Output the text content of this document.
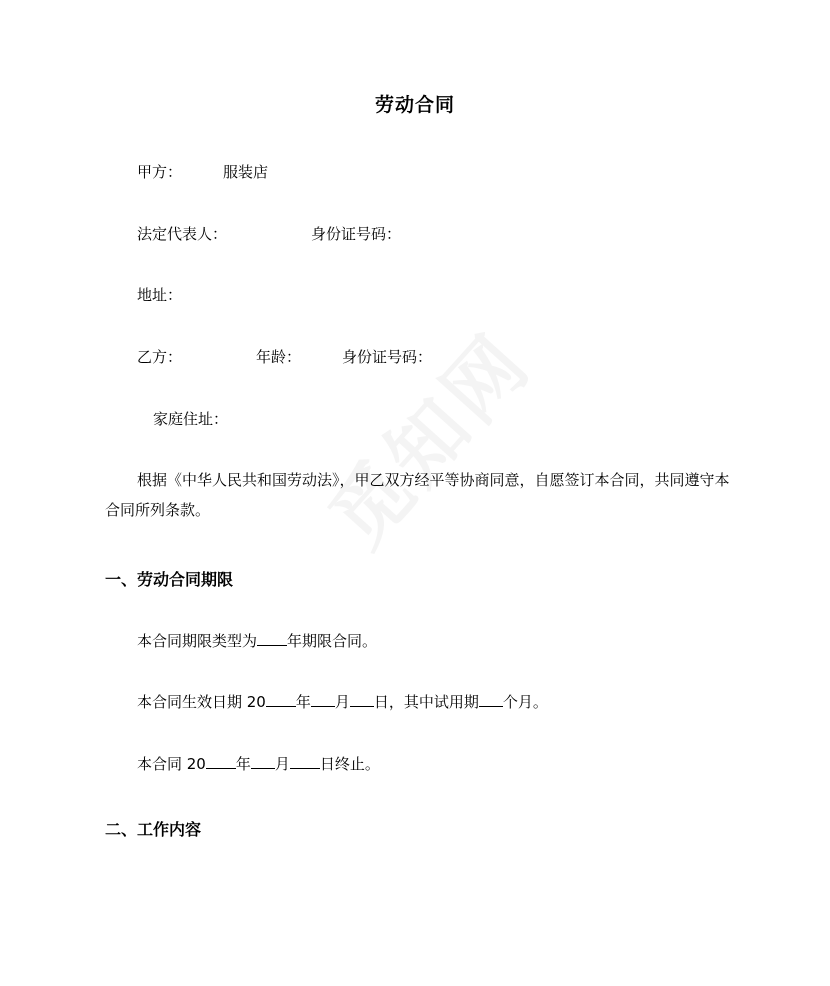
劳动合同
甲方：	服装店
法定代表人：	身份证号码：
地址：
乙方：	年龄：	身份证号码：
家庭住址：
根据《中华人民共和国劳动法》，甲乙双方经平等协商同意，自愿签订本合同，共同遵守本合同所列条款。
一、劳动合同期限
本合同期限类型为 年期限合同。
本合同生效日期 20 年 月 日，其中试用期 个月。
本合同 20 年 月 日终止。
二、工作内容
